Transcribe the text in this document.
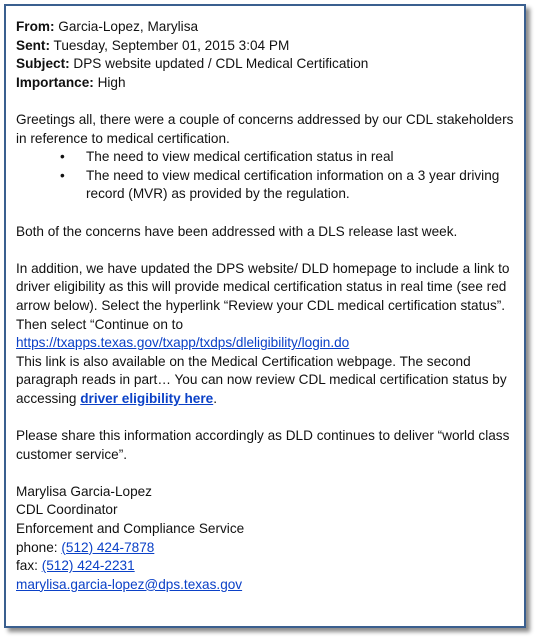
From: Garcia-Lopez, Marylisa

Sent: Tuesday, September 01, 2015 3:04 PM

Subject: DPS website updated / CDL Medical Certification

Importance: High

Greetings all, there were a couple of concerns addressed by our CDL stakeholders in reference to medical certification.

• The need to view medical certification status in real
• The need to view medical certification information on a 3 year driving record (MVR) as provided by the regulation.

Both of the concerns have been addressed with a DLS release last week.

In addition, we have updated the DPS website/ DLD homepage to include a link to driver eligibility as this will provide medical certification status in real time (see red arrow below). Select the hyperlink “Review your CDL medical certification status”. Then select “Continue on to
https://txapps.texas.gov/txapp/txdps/dleligibility/login.do

This link is also available on the Medical Certification webpage. The second paragraph reads in part… You can now review CDL medical certification status by accessing driver eligibility here.

Please share this information accordingly as DLD continues to deliver “world class customer service”.

Marylisa Garcia-Lopez

CDL Coordinator

Enforcement and Compliance Service

phone: (512) 424-7878

fax: (512) 424-2231

marylisa.garcia-lopez@dps.texas.gov
